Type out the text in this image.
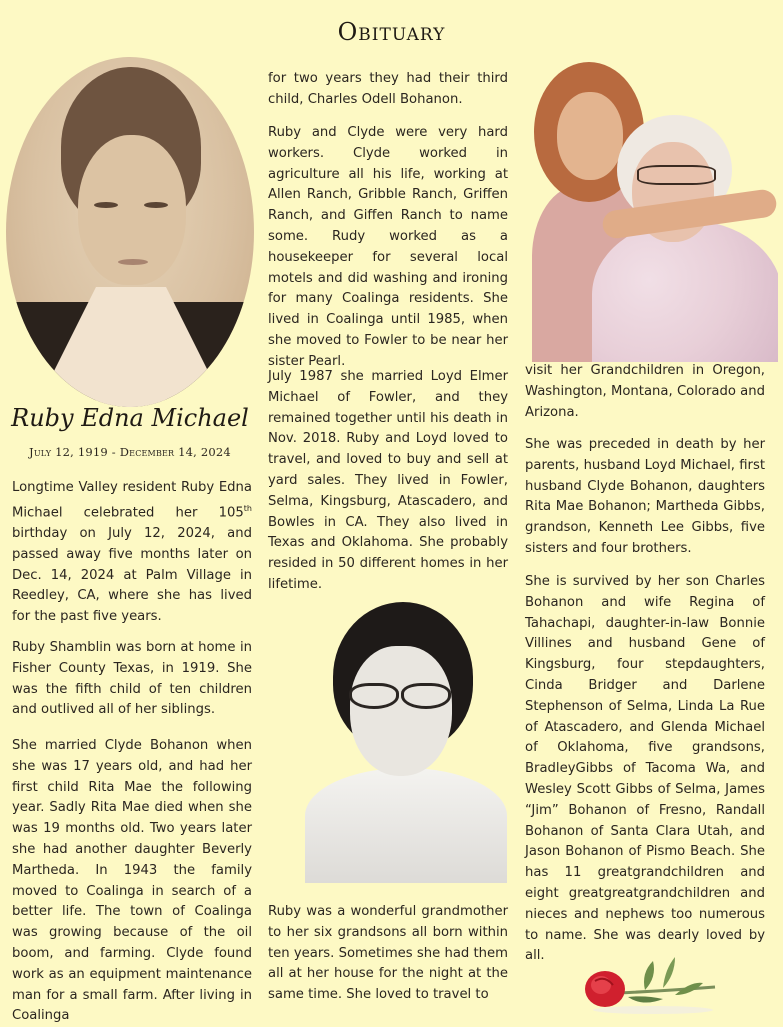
Obituary
Ruby Edna Michael
July 12, 1919 - December 14, 2024

Longtime Valley resident Ruby Edna Michael celebrated her 105th birthday on July 12, 2024, and passed away five months later on Dec. 14, 2024 at Palm Village in Reedley, CA, where she has lived for the past five years.

Ruby Shamblin was born at home in Fisher County Texas, in 1919. She was the fifth child of ten children and outlived all of her siblings.

She married Clyde Bohanon when she was 17 years old, and had her first child Rita Mae the following year. Sadly Rita Mae died when she was 19 months old. Two years later she had another daughter Beverly Martheda. In 1943 the family moved to Coalinga in search of a better life. The town of Coalinga was growing because of the oil boom, and farming. Clyde found work as an equipment maintenance man for a small farm. After living in Coalinga

for two years they had their third child, Charles Odell Bohanon.

Ruby and Clyde were very hard workers. Clyde worked in agriculture all his life, working at Allen Ranch, Gribble Ranch, Griffen Ranch, and Giffen Ranch to name some. Rudy worked as a housekeeper for several local motels and did washing and ironing for many Coalinga residents. She lived in Coalinga until 1985, when she moved to Fowler to be near her sister Pearl.

July 1987 she married Loyd Elmer Michael of Fowler, and they remained together until his death in Nov. 2018. Ruby and Loyd loved to travel, and loved to buy and sell at yard sales. They lived in Fowler, Selma, Kingsburg, Atascadero, and Bowles in CA. They also lived in Texas and Oklahoma. She probably resided in 50 different homes in her lifetime.

Ruby was a wonderful grandmother to her six grandsons all born within ten years. Sometimes she had them all at her house for the night at the same time. She loved to travel to

visit her Grandchildren in Oregon, Washington, Montana, Colorado and Arizona.

She was preceded in death by her parents, husband Loyd Michael, first husband Clyde Bohanon, daughters Rita Mae Bohanon; Martheda Gibbs, grandson, Kenneth Lee Gibbs, five sisters and four brothers.

She is survived by her son Charles Bohanon and wife Regina of Tahachapi, daughter-in-law Bonnie Villines and husband Gene of Kingsburg, four stepdaughters, Cinda Bridger and Darlene Stephenson of Selma, Linda La Rue of Atascadero, and Glenda Michael of Oklahoma, five grandsons, BradleyGibbs of Tacoma Wa, and Wesley Scott Gibbs of Selma, James “Jim” Bohanon of Fresno, Randall Bohanon of Santa Clara Utah, and Jason Bohanon of Pismo Beach. She has 11 greatgrandchildren and eight greatgreatgrandchildren and nieces and nephews too numerous to name. She was dearly loved by all.
